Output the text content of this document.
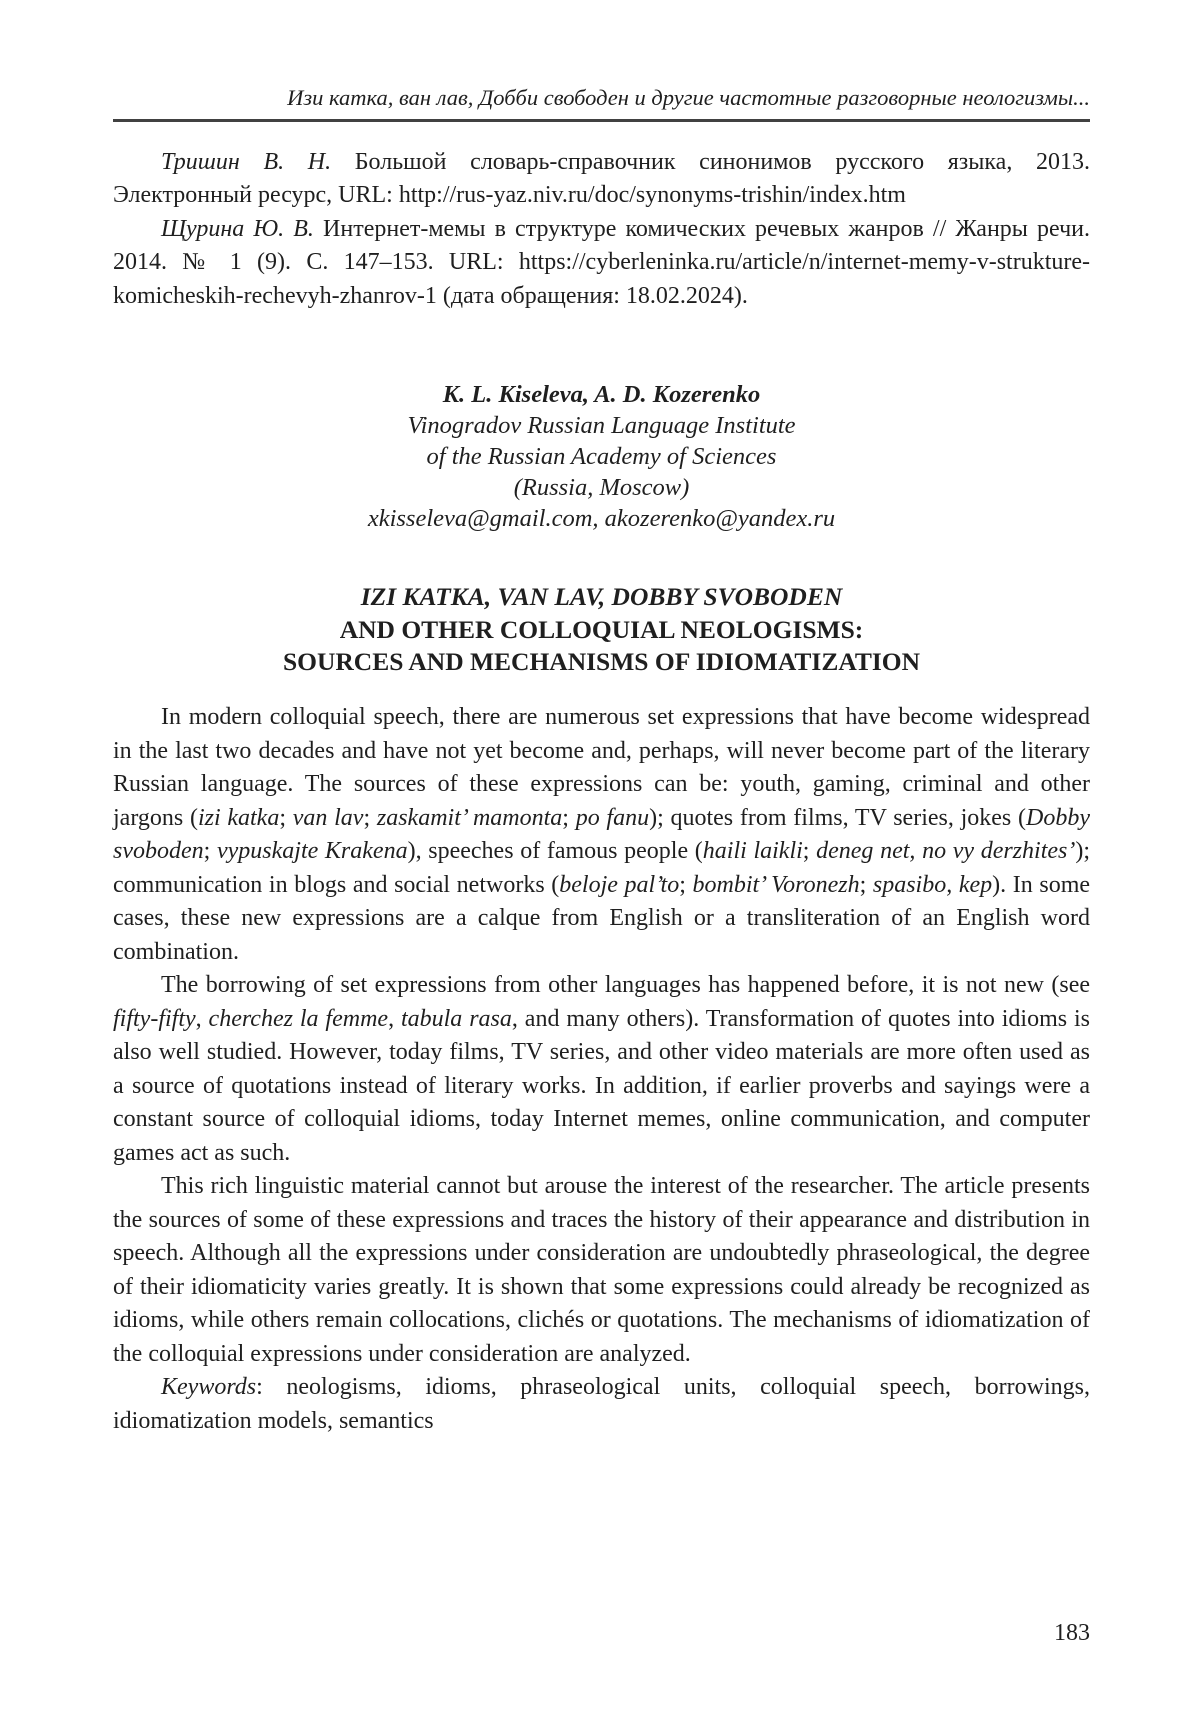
Изи катка, ван лав, Добби свободен и другие частотные разговорные неологизмы...

Тришин В. Н. Большой словарь-справочник синонимов русского языка, 2013. Электронный ресурс, URL: http://rus-yaz.niv.ru/doc/synonyms-trishin/index.htm

Щурина Ю. В. Интернет-мемы в структуре комических речевых жанров // Жанры речи. 2014. № 1 (9). С. 147–153. URL: https://cyberleninka.ru/article/n/internet-memy-v-strukture-komicheskih-rechevyh-zhanrov-1 (дата обращения: 18.02.2024).

K. L. Kiseleva, A. D. Kozerenko
Vinogradov Russian Language Institute
of the Russian Academy of Sciences
(Russia, Moscow)
xkisseleva@gmail.com, akozerenko@yandex.ru
IZI KATKA, VAN LAV, DOBBY SVOBODEN
AND OTHER COLLOQUIAL NEOLOGISMS:
SOURCES AND MECHANISMS OF IDIOMATIZATION

In modern colloquial speech, there are numerous set expressions that have become widespread in the last two decades and have not yet become and, perhaps, will never become part of the literary Russian language. The sources of these expressions can be: youth, gaming, criminal and other jargons (izi katka; van lav; zaskamit’ mamonta; po fanu); quotes from films, TV series, jokes (Dobby svoboden; vypuskajte Krakena), speeches of famous people (haili laikli; deneg net, no vy derzhites’); communication in blogs and social networks (beloje pal’to; bombit’ Voronezh; spasibo, kep). In some cases, these new expressions are a calque from English or a transliteration of an English word combination.

The borrowing of set expressions from other languages has happened before, it is not new (see fifty-fifty, cherchez la femme, tabula rasa, and many others). Transformation of quotes into idioms is also well studied. However, today films, TV series, and other video materials are more often used as a source of quotations instead of literary works. In addition, if earlier proverbs and sayings were a constant source of colloquial idioms, today Internet memes, online communication, and computer games act as such.

This rich linguistic material cannot but arouse the interest of the researcher. The article presents the sources of some of these expressions and traces the history of their appearance and distribution in speech. Although all the expressions under consideration are undoubtedly phraseological, the degree of their idiomaticity varies greatly. It is shown that some expressions could already be recognized as idioms, while others remain collocations, clichés or quotations. The mechanisms of idiomatization of the colloquial expressions under consideration are analyzed.

Keywords: neologisms, idioms, phraseological units, colloquial speech, borrowings, idiomatization models, semantics

183
